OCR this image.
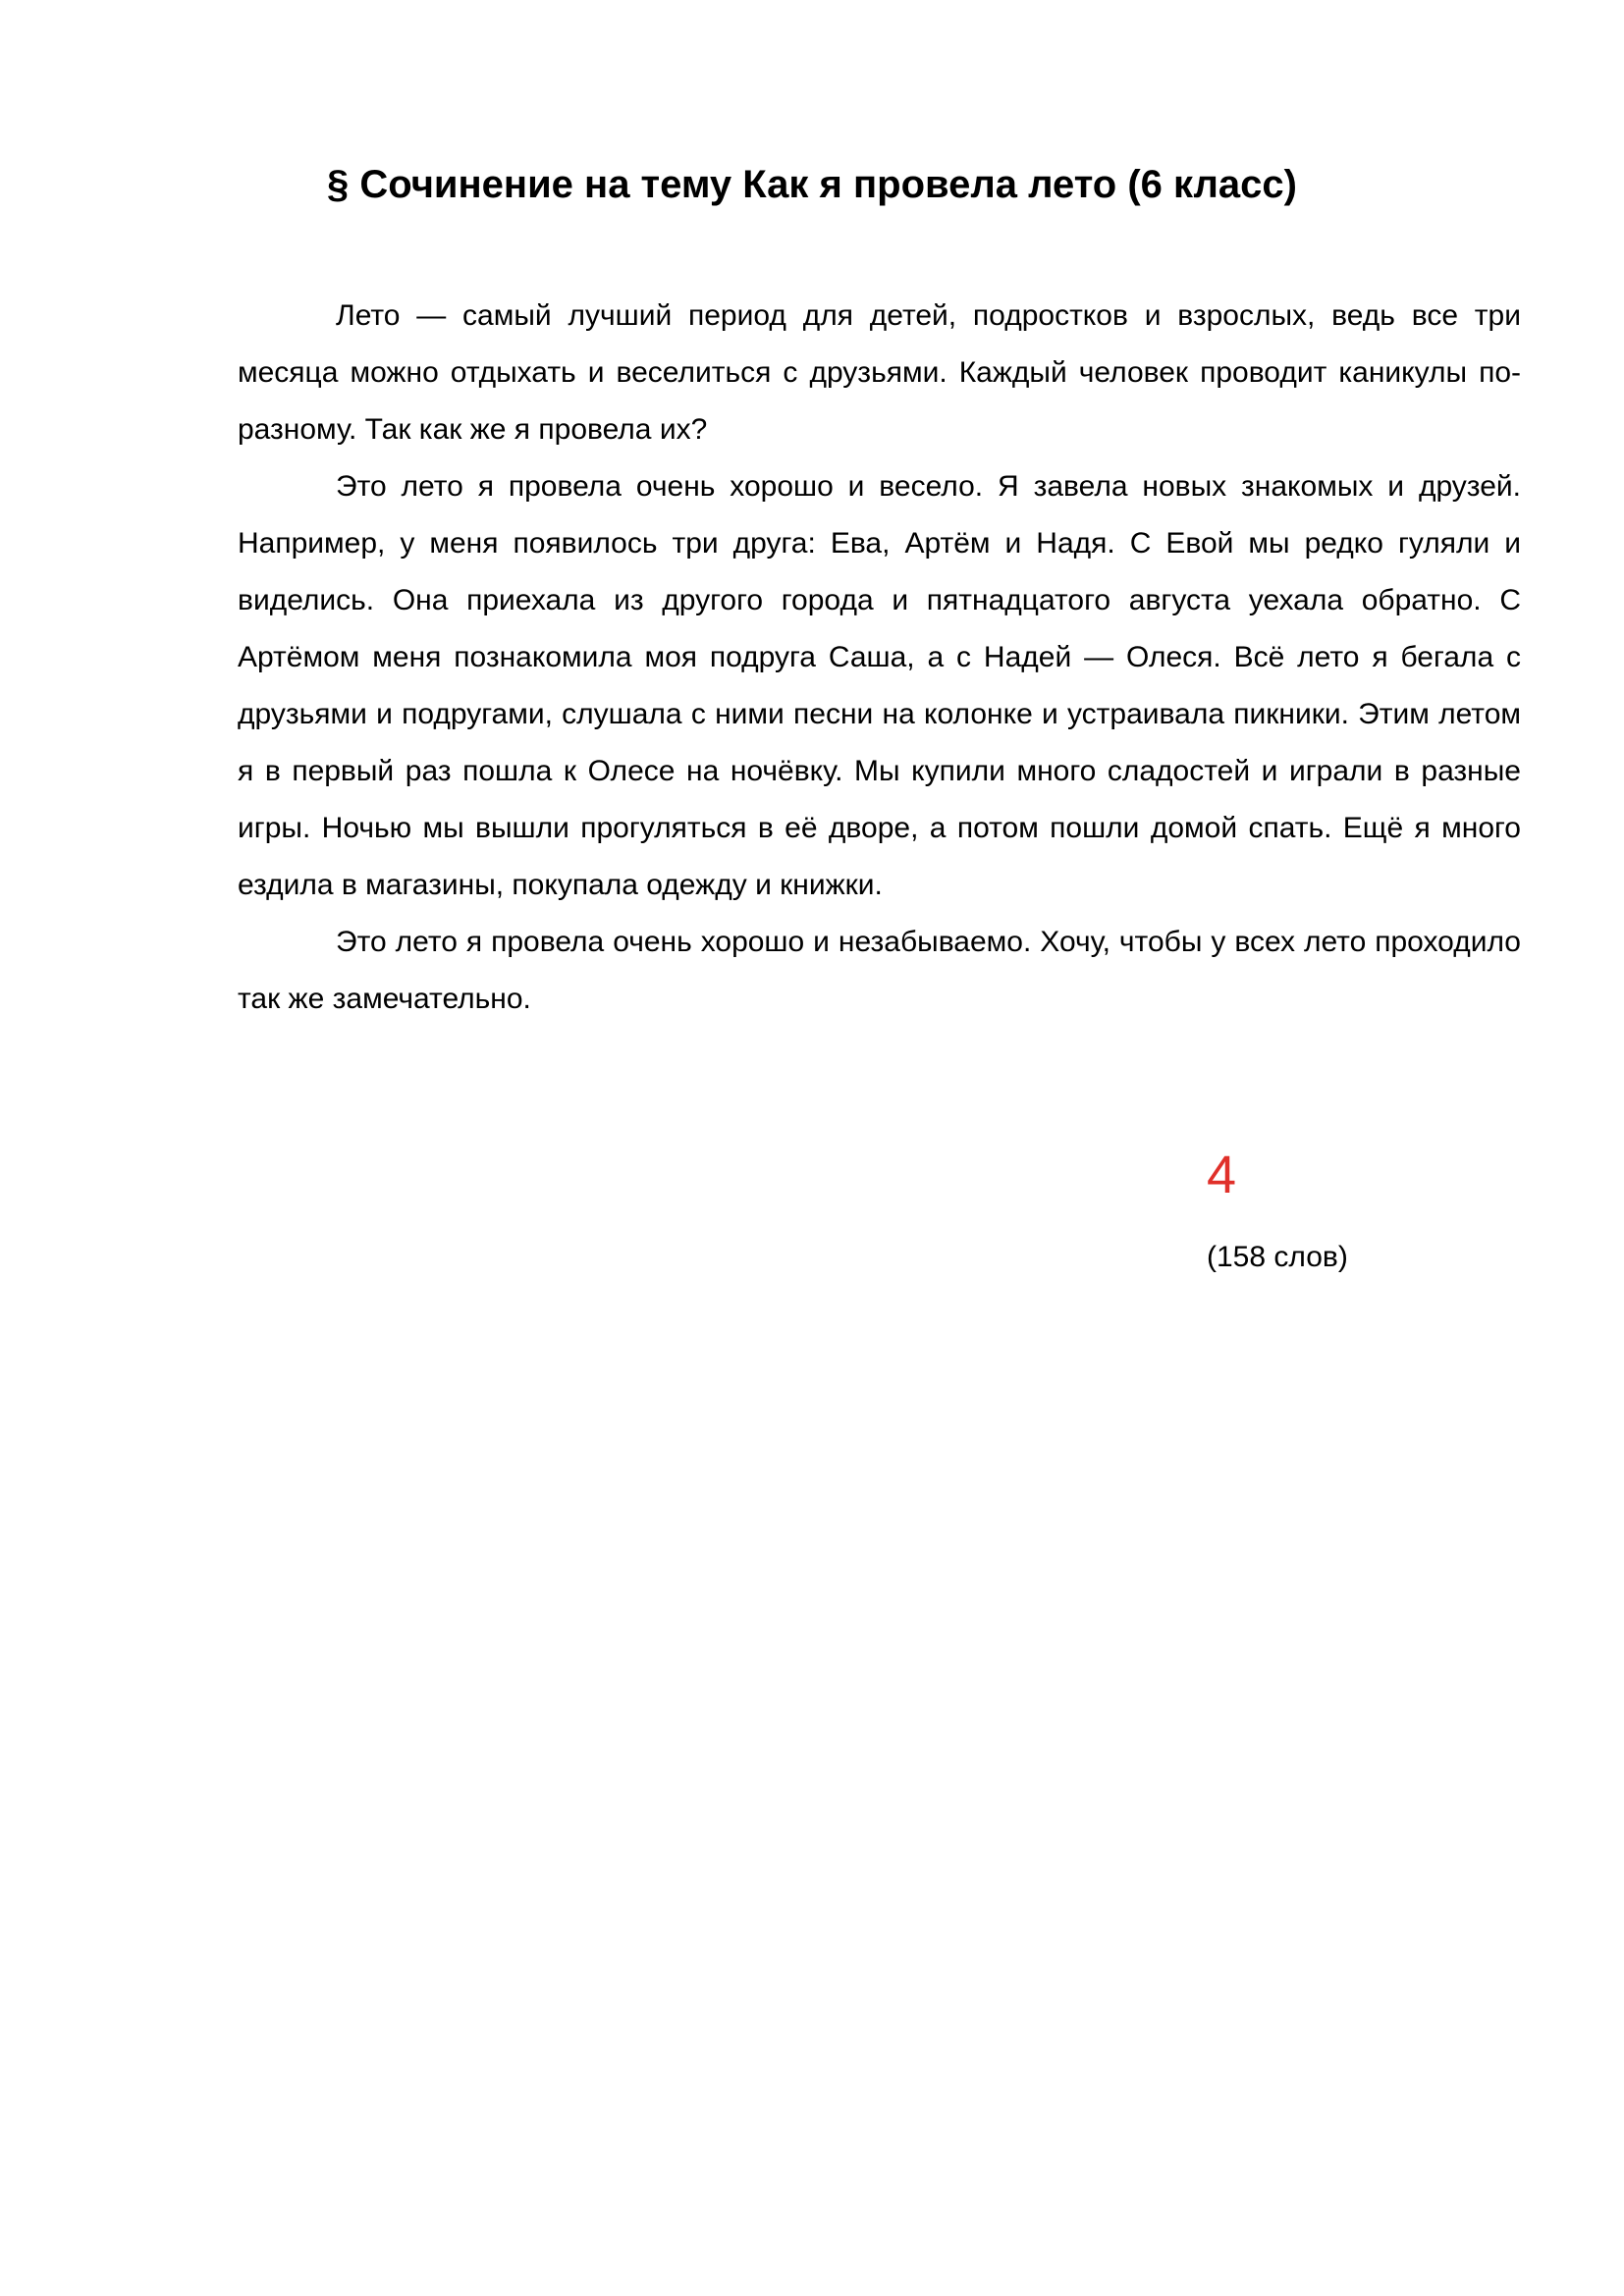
§ Сочинение на тему Как я провела лето (6 класс)

Лето — самый лучший период для детей, подростков и взрослых, ведь все три месяца можно отдыхать и веселиться с друзьями. Каждый человек проводит каникулы по-разному. Так как же я провела их?

Это лето я провела очень хорошо и весело. Я завела новых знакомых и друзей. Например, у меня появилось три друга: Ева, Артём и Надя. С Евой мы редко гуляли и виделись. Она приехала из другого города и пятнадцатого августа уехала обратно. С Артёмом меня познакомила моя подруга Саша, а с Надей — Олеся. Всё лето я бегала с друзьями и подругами, слушала с ними песни на колонке и устраивала пикники. Этим летом я в первый раз пошла к Олесе на ночёвку. Мы купили много сладостей и играли в разные игры. Ночью мы вышли прогуляться в её дворе, а потом пошли домой спать. Ещё я много ездила в магазины, покупала одежду и книжки.

Это лето я провела очень хорошо и незабываемо. Хочу, чтобы у всех лето проходило так же замечательно.

4
(158 слов)
